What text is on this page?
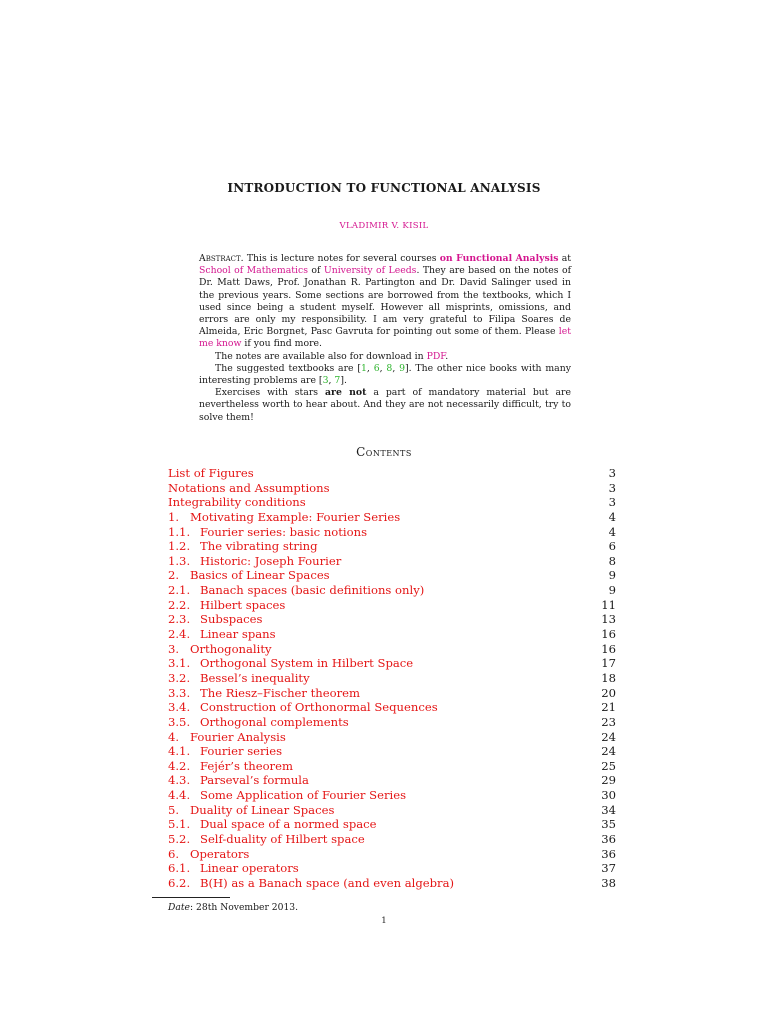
INTRODUCTION TO FUNCTIONAL ANALYSIS
VLADIMIR V. KISIL

Abstract. This is lecture notes for several courses on Functional Analysis at School of Mathematics of University of Leeds. They are based on the notes of Dr. Matt Daws, Prof. Jonathan R. Partington and Dr. David Salinger used in the previous years. Some sections are borrowed from the textbooks, which I used since being a student myself. However all misprints, omissions, and errors are only my responsibility. I am very grateful to Filipa Soares de Almeida, Eric Borgnet, Pasc Gavruta for pointing out some of them. Please let me know if you find more.

The notes are available also for download in PDF.

The suggested textbooks are [1, 6, 8, 9]. The other nice books with many interesting problems are [3, 7].

Exercises with stars are not a part of mandatory material but are nevertheless worth to hear about. And they are not necessarily difficult, try to solve them!

Contents
List of Figures	3
Notations and Assumptions	3
Integrability conditions	3
1. Motivating Example: Fourier Series	4
1.1. Fourier series: basic notions	4
1.2. The vibrating string	6
1.3. Historic: Joseph Fourier	8
2. Basics of Linear Spaces	9
2.1. Banach spaces (basic definitions only)	9
2.2. Hilbert spaces	11
2.3. Subspaces	13
2.4. Linear spans	16
3. Orthogonality	16
3.1. Orthogonal System in Hilbert Space	17
3.2. Bessel’s inequality	18
3.3. The Riesz–Fischer theorem	20
3.4. Construction of Orthonormal Sequences	21
3.5. Orthogonal complements	23
4. Fourier Analysis	24
4.1. Fourier series	24
4.2. Fejér’s theorem	25
4.3. Parseval’s formula	29
4.4. Some Application of Fourier Series	30
5. Duality of Linear Spaces	34
5.1. Dual space of a normed space	35
5.2. Self-duality of Hilbert space	36
6. Operators	36
6.1. Linear operators	37
6.2. B(H) as a Banach space (and even algebra)	38
Date: 28th November 2013.
1
